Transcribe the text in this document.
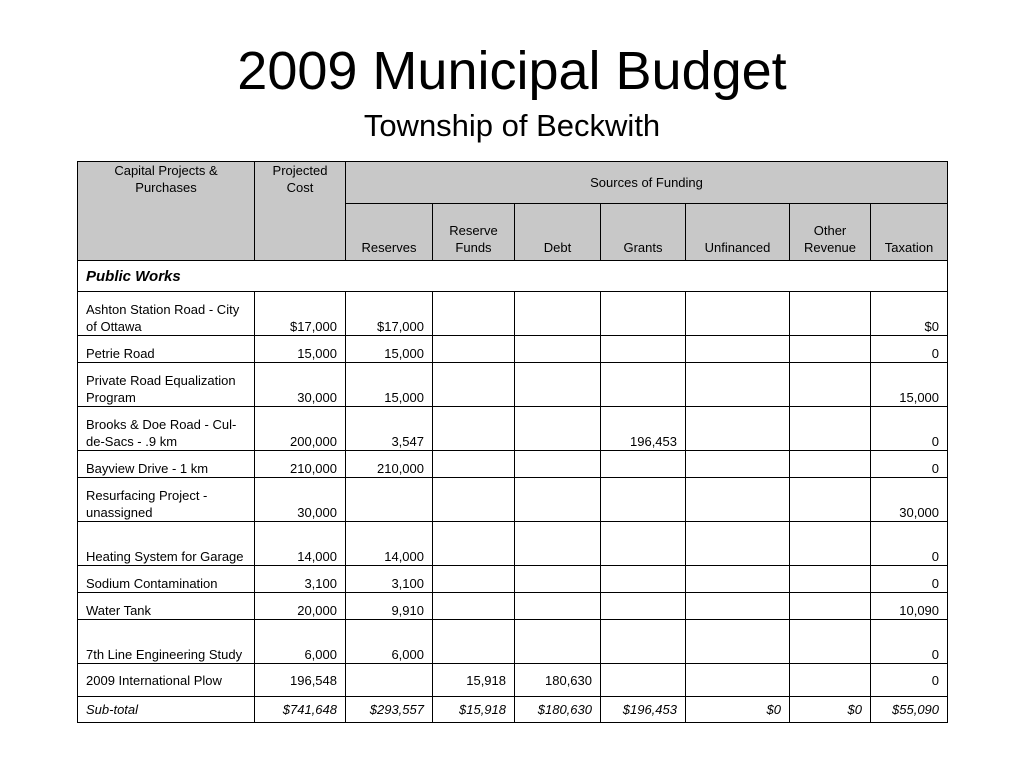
2009 Municipal Budget
Township of Beckwith
Capital Projects & Purchases	Projected Cost	Sources of Funding						
		Reserves	Reserve Funds	Debt	Grants	Unfinanced	Other Revenue	Taxation
Public Works								
Ashton Station Road - City of Ottawa	$17,000	$17,000						$0
Petrie Road	15,000	15,000						0
Private Road Equalization Program	30,000	15,000						15,000
Brooks & Doe Road - Cul-de-Sacs - .9 km	200,000	3,547			196,453			0
Bayview Drive - 1 km	210,000	210,000						0
Resurfacing Project - unassigned	30,000							30,000
Heating System for Garage	14,000	14,000						0
Sodium Contamination	3,100	3,100						0
Water Tank	20,000	9,910						10,090
7th Line Engineering Study	6,000	6,000						0
2009 International Plow	196,548		15,918	180,630				0
Sub-total	$741,648	$293,557	$15,918	$180,630	$196,453	$0	$0	$55,090
